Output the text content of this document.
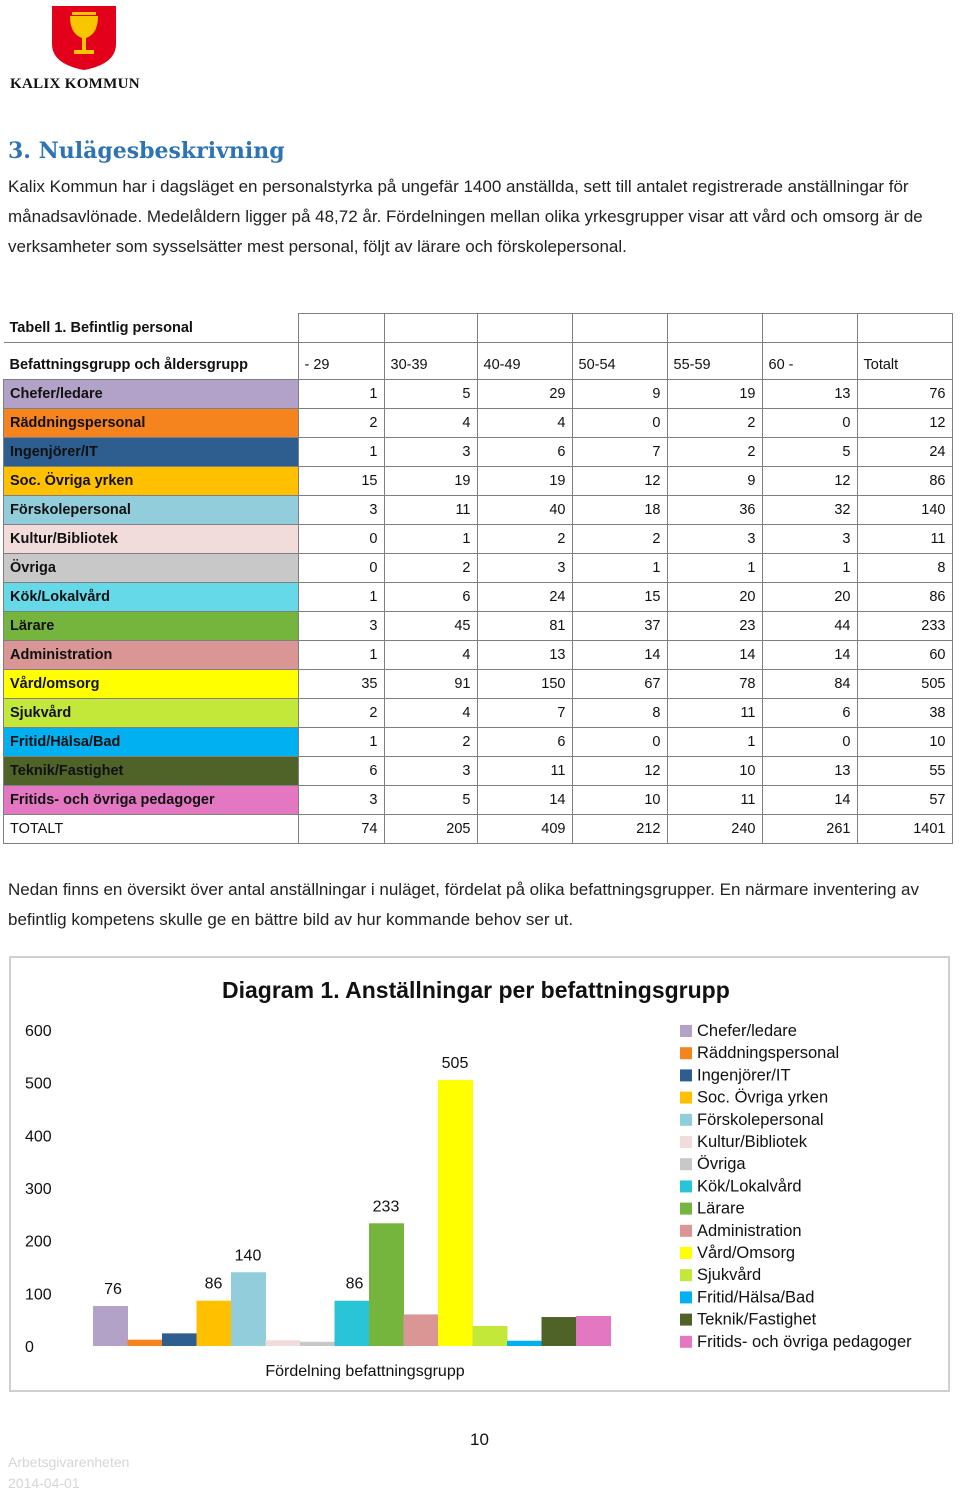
KALIX KOMMUN
3. Nulägesbeskrivning

Kalix Kommun har i dagsläget en personalstyrka på ungefär 1400 anställda, sett till antalet registrerade anställningar för månadsavlönade. Medelåldern ligger på 48,72 år. Fördelningen mellan olika yrkesgrupper visar att vård och omsorg är de verksamheter som sysselsätter mest personal, följt av lärare och förskolepersonal.

Tabell 1. Befintlig personal							
Befattningsgrupp och åldersgrupp	- 29	30-39	40-49	50-54	55-59	60 -	Totalt
Chefer/ledare	1	5	29	9	19	13	76
Räddningspersonal	2	4	4	0	2	0	12
Ingenjörer/IT	1	3	6	7	2	5	24
Soc. Övriga yrken	15	19	19	12	9	12	86
Förskolepersonal	3	11	40	18	36	32	140
Kultur/Bibliotek	0	1	2	2	3	3	11
Övriga	0	2	3	1	1	1	8
Kök/Lokalvård	1	6	24	15	20	20	86
Lärare	3	45	81	37	23	44	233
Administration	1	4	13	14	14	14	60
Vård/omsorg	35	91	150	67	78	84	505
Sjukvård	2	4	7	8	11	6	38
Fritid/Hälsa/Bad	1	2	6	0	1	0	10
Teknik/Fastighet	6	3	11	12	10	13	55
Fritids- och övriga pedagoger	3	5	14	10	11	14	57
TOTALT	74	205	409	212	240	261	1401

Nedan finns en översikt över antal anställningar i nuläget, fördelat på olika befattningsgrupper. En närmare inventering av befintlig kompetens skulle ge en bättre bild av hur kommande behov ser ut.

Diagram 1. Anställningar per befattningsgrupp
600
500
400
300
200
100
0
76	86
140
86
233
505
Fördelning befattningsgrupp
Chefer/ledare
Räddningspersonal
Ingenjörer/IT
Soc. Övriga yrken
Förskolepersonal
Kultur/Bibliotek
Övriga
Kök/Lokalvård
Lärare
Administration
Vård/Omsorg
Sjukvård
Fritid/Hälsa/Bad
Teknik/Fastighet
Fritids- och övriga pedagoger
10
Arbetsgivarenheten
2014-04-01
